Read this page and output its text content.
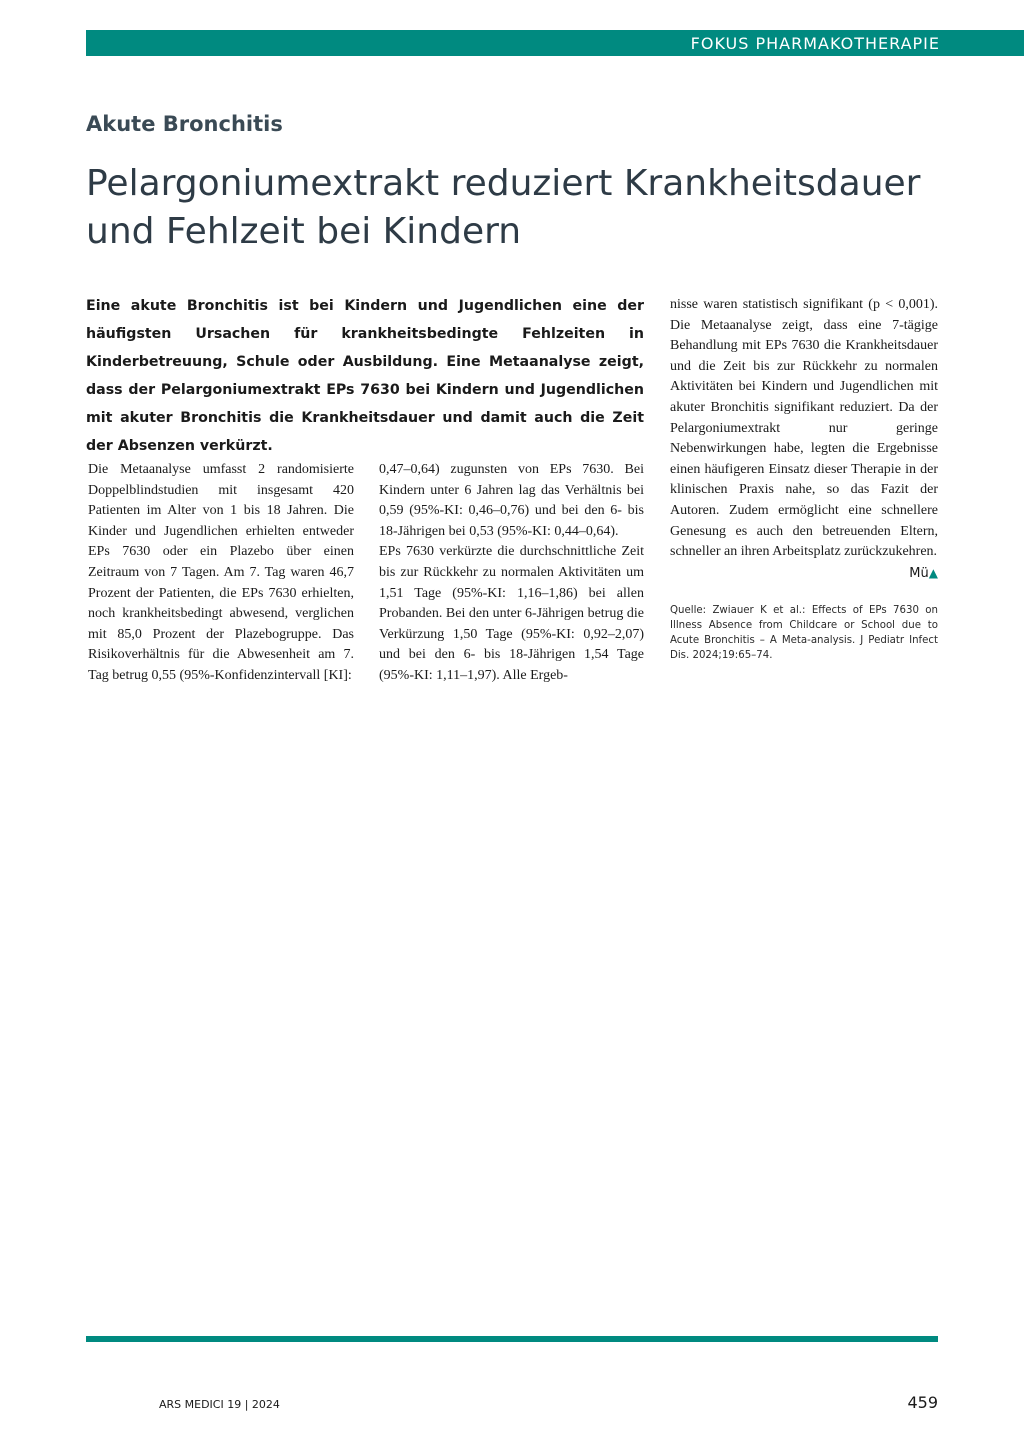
FOKUS PHARMAKOTHERAPIE
Akute Bronchitis
Pelargoniumextrakt reduziert Krankheitsdauer und Fehlzeit bei Kindern

Eine akute Bronchitis ist bei Kindern und Jugendlichen eine der häufigsten Ursachen für krankheitsbedingte Fehlzeiten in Kinderbetreuung, Schule oder Ausbildung. Eine Metaanalyse zeigt, dass der Pelargoniumextrakt EPs 7630 bei Kindern und Jugendlichen mit akuter Bronchitis die Krankheitsdauer und damit auch die Zeit der Absenzen verkürzt.

Die Metaanalyse umfasst 2 randomisierte Doppelblindstudien mit insgesamt 420 Patienten im Alter von 1 bis 18 Jahren. Die Kinder und Jugendlichen erhielten entweder EPs 7630 oder ein Plazebo über einen Zeitraum von 7 Tagen. Am 7. Tag waren 46,7 Prozent der Patienten, die EPs 7630 erhielten, noch krankheitsbedingt abwesend, verglichen mit 85,0 Prozent der Plazebogruppe. Das Risikoverhältnis für die Abwesenheit am 7. Tag betrug 0,55 (95%-Konfidenzintervall [KI]:

0,47–0,64) zugunsten von EPs 7630. Bei Kindern unter 6 Jahren lag das Verhältnis bei 0,59 (95%-KI: 0,46–0,76) und bei den 6- bis 18-Jährigen bei 0,53 (95%-KI: 0,44–0,64).

EPs 7630 verkürzte die durchschnittliche Zeit bis zur Rückkehr zu normalen Aktivitäten um 1,51 Tage (95%-KI: 1,16–1,86) bei allen Probanden. Bei den unter 6-Jährigen betrug die Verkürzung 1,50 Tage (95%-KI: 0,92–2,07) und bei den 6- bis 18-Jährigen 1,54 Tage (95%-KI: 1,11–1,97). Alle Ergeb-

nisse waren statistisch signifikant (p < 0,001). Die Metaanalyse zeigt, dass eine 7-tägige Behandlung mit EPs 7630 die Krankheitsdauer und die Zeit bis zur Rückkehr zu normalen Aktivitäten bei Kindern und Jugendlichen mit akuter Bronchitis signifikant reduziert. Da der Pelargoniumextrakt nur geringe Nebenwirkungen habe, legten die Ergebnisse einen häufigeren Einsatz dieser Therapie in der klinischen Praxis nahe, so das Fazit der Autoren. Zudem ermöglicht eine schnellere Genesung es auch den betreuenden Eltern, schneller an ihren Arbeitsplatz zurückzukehren.
Mü▲

Quelle: Zwiauer K et al.: Effects of EPs 7630 on Illness Absence from Childcare or School due to Acute Bronchitis – A Meta-analysis. J Pediatr Infect Dis. 2024;19:65–74.

ARS MEDICI 19 | 2024	459
